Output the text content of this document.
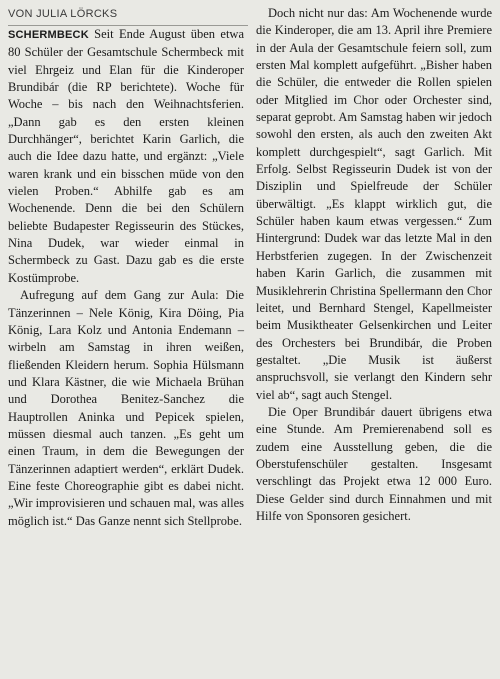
VON JULIA LÖRCKS

SCHERMBECK Seit Ende August üben etwa 80 Schüler der Gesamtschule Schermbeck mit viel Ehrgeiz und Elan für die Kinderoper Brundibár (die RP berichtete). Woche für Woche – bis nach den Weihnachtsferien. „Dann gab es den ersten kleinen Durchhänger“, berichtet Karin Garlich, die auch die Idee dazu hatte, und ergänzt: „Viele waren krank und ein bisschen müde von den vielen Proben.“ Abhilfe gab es am Wochenende. Denn die bei den Schülern beliebte Budapester Regisseurin des Stückes, Nina Dudek, war wieder einmal in Schermbeck zu Gast. Dazu gab es die erste Kostümprobe.

Aufregung auf dem Gang zur Aula: Die Tänzerinnen – Nele König, Kira Döing, Pia König, Lara Kolz und Antonia Endemann – wirbeln am Samstag in ihren weißen, fließenden Kleidern herum. Sophia Hülsmann und Klara Kästner, die wie Michaela Brühan und Dorothea Benitez-Sanchez die Hauptrollen Aninka und Pepicek spielen, müssen diesmal auch tanzen. „Es geht um einen Traum, in dem die Bewegungen der Tänzerinnen adaptiert werden“, erklärt Dudek. Eine feste Choreographie gibt es dabei nicht. „Wir improvisieren und schauen mal, was alles möglich ist.“ Das Ganze nennt sich Stellprobe.

Doch nicht nur das: Am Wochenende wurde die Kinderoper, die am 13. April ihre Premiere in der Aula der Gesamtschule feiern soll, zum ersten Mal komplett aufgeführt. „Bisher haben die Schüler, die entweder die Rollen spielen oder Mitglied im Chor oder Orchester sind, separat geprobt. Am Samstag haben wir jedoch sowohl den ersten, als auch den zweiten Akt komplett durchgespielt“, sagt Garlich. Mit Erfolg. Selbst Regisseurin Dudek ist von der Disziplin und Spielfreude der Schüler überwältigt. „Es klappt wirklich gut, die Schüler haben kaum etwas vergessen.“ Zum Hintergrund: Dudek war das letzte Mal in den Herbstferien zugegen. In der Zwischenzeit haben Karin Garlich, die zusammen mit Musiklehrerin Christina Spellermann den Chor leitet, und Bernhard Stengel, Kapellmeister beim Musiktheater Gelsenkirchen und Leiter des Orchesters bei Brundibár, die Proben gestaltet. „Die Musik ist äußerst anspruchsvoll, sie verlangt den Kindern sehr viel ab“, sagt auch Stengel.

Die Oper Brundibár dauert übrigens etwa eine Stunde. Am Premierenabend soll es zudem eine Ausstellung geben, die die Oberstufenschüler gestalten. Insgesamt verschlingt das Projekt etwa 12 000 Euro. Diese Gelder sind durch Einnahmen und mit Hilfe von Sponsoren gesichert.
